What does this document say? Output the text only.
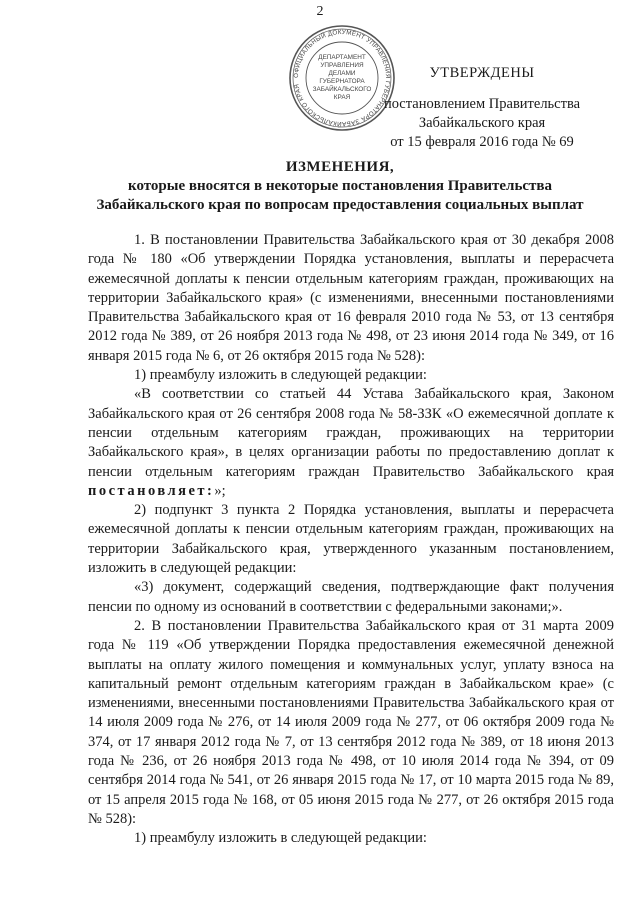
2
ОФИЦИАЛЬНЫЙ ДОКУМЕНТ УПРАВЛЕНИЯ ГУБЕРНАТОРА ЗАБАЙКАЛЬСКОГО КРАЯ
ДЕПАРТАМЕНТ
УПРАВЛЕНИЯ
ДЕЛАМИ
ГУБЕРНАТОРА
ЗАБАЙКАЛЬСКОГО
КРАЯ
УТВЕРЖДЕНЫ
постановлением Правительства
Забайкальского края
от 15 февраля 2016 года № 69
ИЗМЕНЕНИЯ,
которые вносятся в некоторые постановления Правительства
Забайкальского края по вопросам предоставления социальных выплат

1. В постановлении Правительства Забайкальского края от 30 декабря 2008 года № 180 «Об утверждении Порядка установления, выплаты и перерасчета ежемесячной доплаты к пенсии отдельным категориям граждан, проживающих на территории Забайкальского края» (с изменениями, внесенными постановлениями Правительства Забайкальского края от 16 февраля 2010 года № 53, от 13 сентября 2012 года № 389, от 26 ноября 2013 года № 498, от 23 июня 2014 года № 349, от 16 января 2015 года № 6, от 26 октября 2015 года № 528):

1) преамбулу изложить в следующей редакции:

«В соответствии со статьей 44 Устава Забайкальского края, Законом Забайкальского края от 26 сентября 2008 года № 58-ЗЗК «О ежемесячной доплате к пенсии отдельным категориям граждан, проживающих на территории Забайкальского края», в целях организации работы по предоставлению доплат к пенсии отдельным категориям граждан Правительство Забайкальского края постановляет:»;

2) подпункт 3 пункта 2 Порядка установления, выплаты и перерасчета ежемесячной доплаты к пенсии отдельным категориям граждан, проживающих на территории Забайкальского края, утвержденного указанным постановлением, изложить в следующей редакции:

«3) документ, содержащий сведения, подтверждающие факт получения пенсии по одному из оснований в соответствии с федеральными законами;».

2. В постановлении Правительства Забайкальского края от 31 марта 2009 года № 119 «Об утверждении Порядка предоставления ежемесячной денежной выплаты на оплату жилого помещения и коммунальных услуг, уплату взноса на капитальный ремонт отдельным категориям граждан в Забайкальском крае» (с изменениями, внесенными постановлениями Правительства Забайкальского края от 14 июля 2009 года № 276, от 14 июля 2009 года № 277, от 06 октября 2009 года № 374, от 17 января 2012 года № 7, от 13 сентября 2012 года № 389, от 18 июня 2013 года № 236, от 26 ноября 2013 года № 498, от 10 июля 2014 года № 394, от 09 сентября 2014 года № 541, от 26 января 2015 года № 17, от 10 марта 2015 года № 89, от 15 апреля 2015 года № 168, от 05 июня 2015 года № 277, от 26 октября 2015 года № 528):

1) преамбулу изложить в следующей редакции:
